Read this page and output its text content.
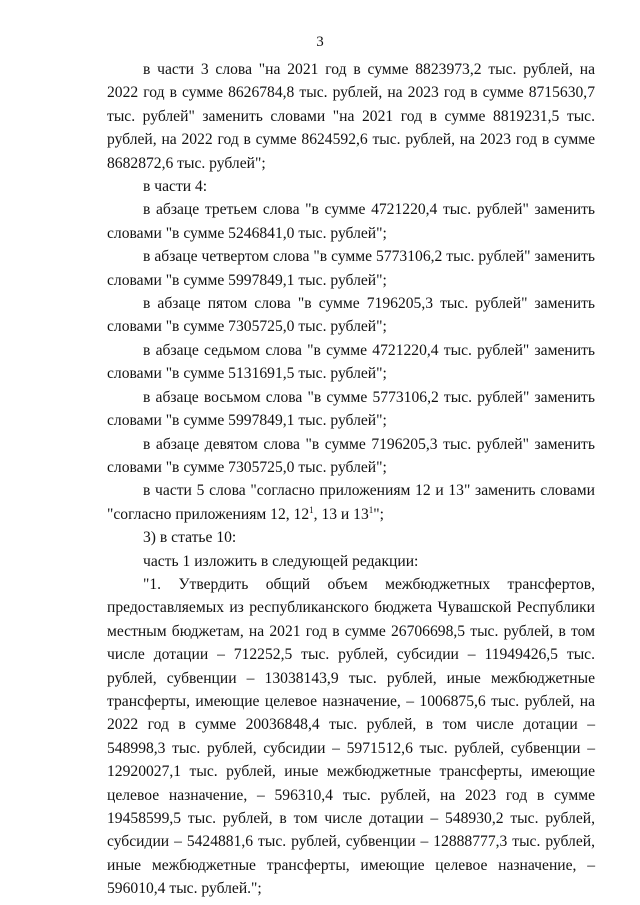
3

в части 3 слова "на 2021 год в сумме 8823973,2 тыс. рублей, на 2022 год в сумме 8626784,8 тыс. рублей, на 2023 год в сумме 8715630,7 тыс. рублей" заменить словами "на 2021 год в сумме 8819231,5 тыс. рублей, на 2022 год в сумме 8624592,6 тыс. рублей, на 2023 год в сумме 8682872,6 тыс. рублей";

в части 4:

в абзаце третьем слова "в сумме 4721220,4 тыс. рублей" заменить словами "в сумме 5246841,0 тыс. рублей";

в абзаце четвертом слова "в сумме 5773106,2 тыс. рублей" заменить словами "в сумме 5997849,1 тыс. рублей";

в абзаце пятом слова "в сумме 7196205,3 тыс. рублей" заменить словами "в сумме 7305725,0 тыс. рублей";

в абзаце седьмом слова "в сумме 4721220,4 тыс. рублей" заменить словами "в сумме 5131691,5 тыс. рублей";

в абзаце восьмом слова "в сумме 5773106,2 тыс. рублей" заменить словами "в сумме 5997849,1 тыс. рублей";

в абзаце девятом слова "в сумме 7196205,3 тыс. рублей" заменить словами "в сумме 7305725,0 тыс. рублей";

в части 5 слова "согласно приложениям 12 и 13" заменить словами "согласно приложениям 12, $12^1$, 13 и $13^1$";

3) в статье 10:

часть 1 изложить в следующей редакции:

"1. Утвердить общий объем межбюджетных трансфертов, предоставляемых из республиканского бюджета Чувашской Республики местным бюджетам, на 2021 год в сумме 26706698,5 тыс. рублей, в том числе дотации – 712252,5 тыс. рублей, субсидии – 11949426,5 тыс. рублей, субвенции – 13038143,9 тыс. рублей, иные межбюджетные трансферты, имеющие целевое назначение, – 1006875,6 тыс. рублей, на 2022 год в сумме 20036848,4 тыс. рублей, в том числе дотации – 548998,3 тыс. рублей, субсидии – 5971512,6 тыс. рублей, субвенции – 12920027,1 тыс. рублей, иные межбюджетные трансферты, имеющие целевое назначение, – 596310,4 тыс. рублей, на 2023 год в сумме 19458599,5 тыс. рублей, в том числе дотации – 548930,2 тыс. рублей, субсидии – 5424881,6 тыс. рублей, субвенции – 12888777,3 тыс. рублей, иные межбюджетные трансферты, имеющие целевое назначение, – 596010,4 тыс. рублей.";
